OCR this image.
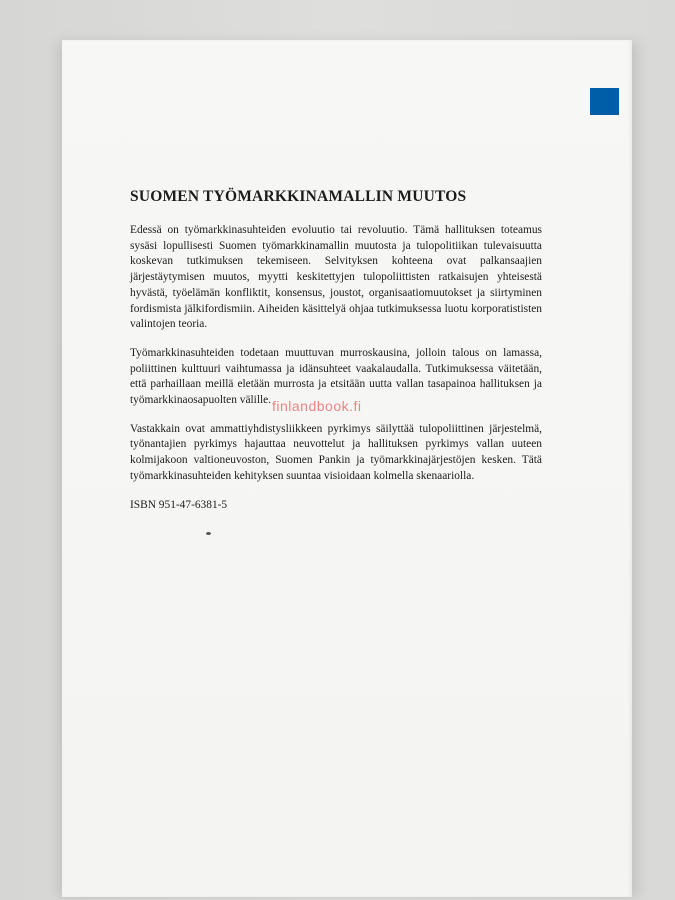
SUOMEN TYÖMARKKINAMALLIN MUUTOS

Edessä on työmarkkinasuhteiden evoluutio tai revoluutio. Tämä hallituksen toteamus sysäsi lopullisesti Suomen työmarkkinamallin muutosta ja tulopolitiikan tulevaisuutta koskevan tutkimuksen tekemiseen. Selvityksen kohteena ovat palkansaajien järjestäytymisen muutos, myytti keskitettyjen tulopoliittisten ratkaisujen yhteisestä hyvästä, työelämän konfliktit, konsensus, joustot, organisaatiomuutokset ja siirtyminen fordismista jälkifordismiin. Aiheiden käsittelyä ohjaa tutkimuksessa luotu korporatististen valintojen teoria.

Työmarkkinasuhteiden todetaan muuttuvan murroskausina, jolloin talous on lamassa, poliittinen kulttuuri vaihtumassa ja idänsuhteet vaakalaudalla. Tutkimuksessa väitetään, että parhaillaan meillä eletään murrosta ja etsitään uutta vallan tasapainoa hallituksen ja työmarkkinaosapuolten välille.

Vastakkain ovat ammattiyhdistysliikkeen pyrkimys säilyttää tulopoliittinen järjestelmä, työnantajien pyrkimys hajauttaa neuvottelut ja hallituksen pyrkimys vallan uuteen kolmijakoon valtioneuvoston, Suomen Pankin ja työmarkkinajärjestöjen kesken. Tätä työmarkkinasuhteiden kehityksen suuntaa visioidaan kolmella skenaariolla.

ISBN 951-47-6381-5

finlandbook.fi
